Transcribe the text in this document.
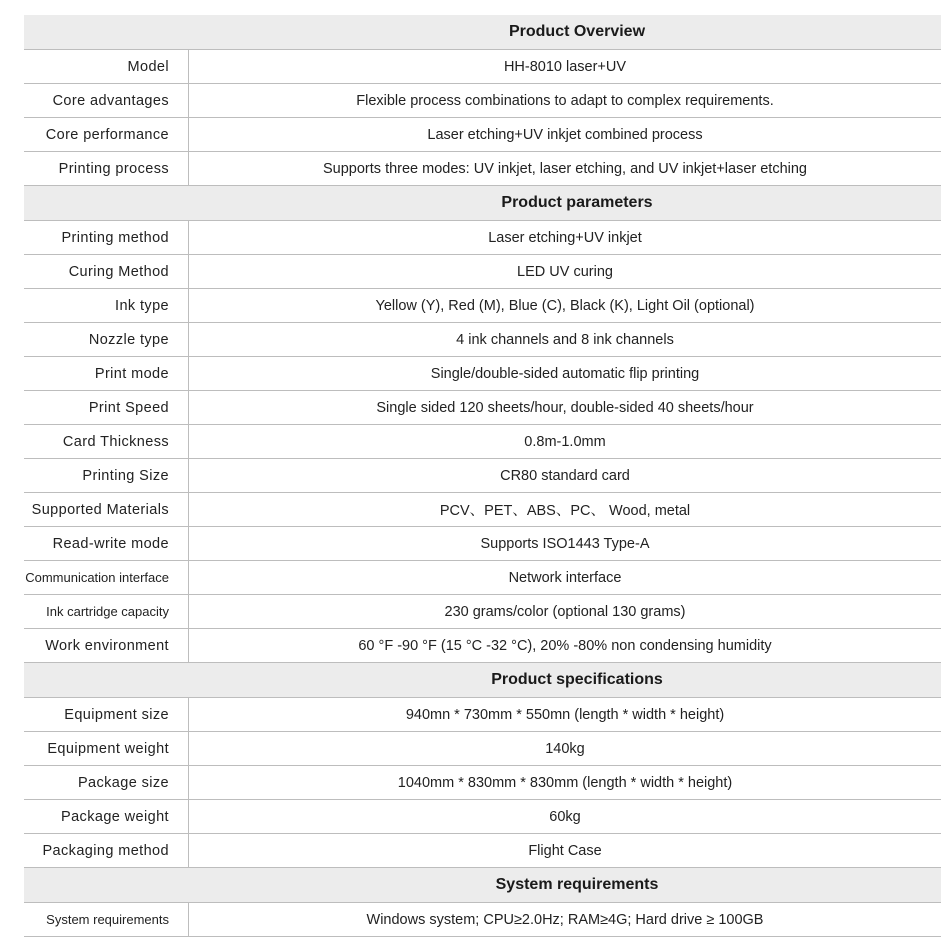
Product Overview
Model	HH-8010 laser+UV
Core advantages	Flexible process combinations to adapt to complex requirements.
Core performance	Laser etching+UV inkjet combined process
Printing process	Supports three modes: UV inkjet, laser etching, and UV inkjet+laser etching
Product parameters
Printing method	Laser etching+UV inkjet
Curing Method	LED UV curing
Ink type	Yellow (Y), Red (M), Blue (C), Black (K), Light Oil (optional)
Nozzle type	4 ink channels and 8 ink channels
Print mode	Single/double-sided automatic flip printing
Print Speed	Single sided 120 sheets/hour, double-sided 40 sheets/hour
Card Thickness	0.8m-1.0mm
Printing Size	CR80 standard card
Supported Materials	PCV、PET、ABS、PC、 Wood, metal
Read-write mode	Supports ISO1443 Type-A
Communication interface	Network interface
Ink cartridge capacity	230 grams/color (optional 130 grams)
Work environment	60 °F -90 °F (15 °C -32 °C), 20% -80% non condensing humidity
Product specifications
Equipment size	940mn * 730mm * 550mn (length * width * height)
Equipment weight	140kg
Package size	1040mm * 830mm * 830mm (length * width * height)
Package weight	60kg
Packaging method	Flight Case
System requirements
System requirements	Windows system; CPU≥2.0Hz; RAM≥4G; Hard drive ≥ 100GB
